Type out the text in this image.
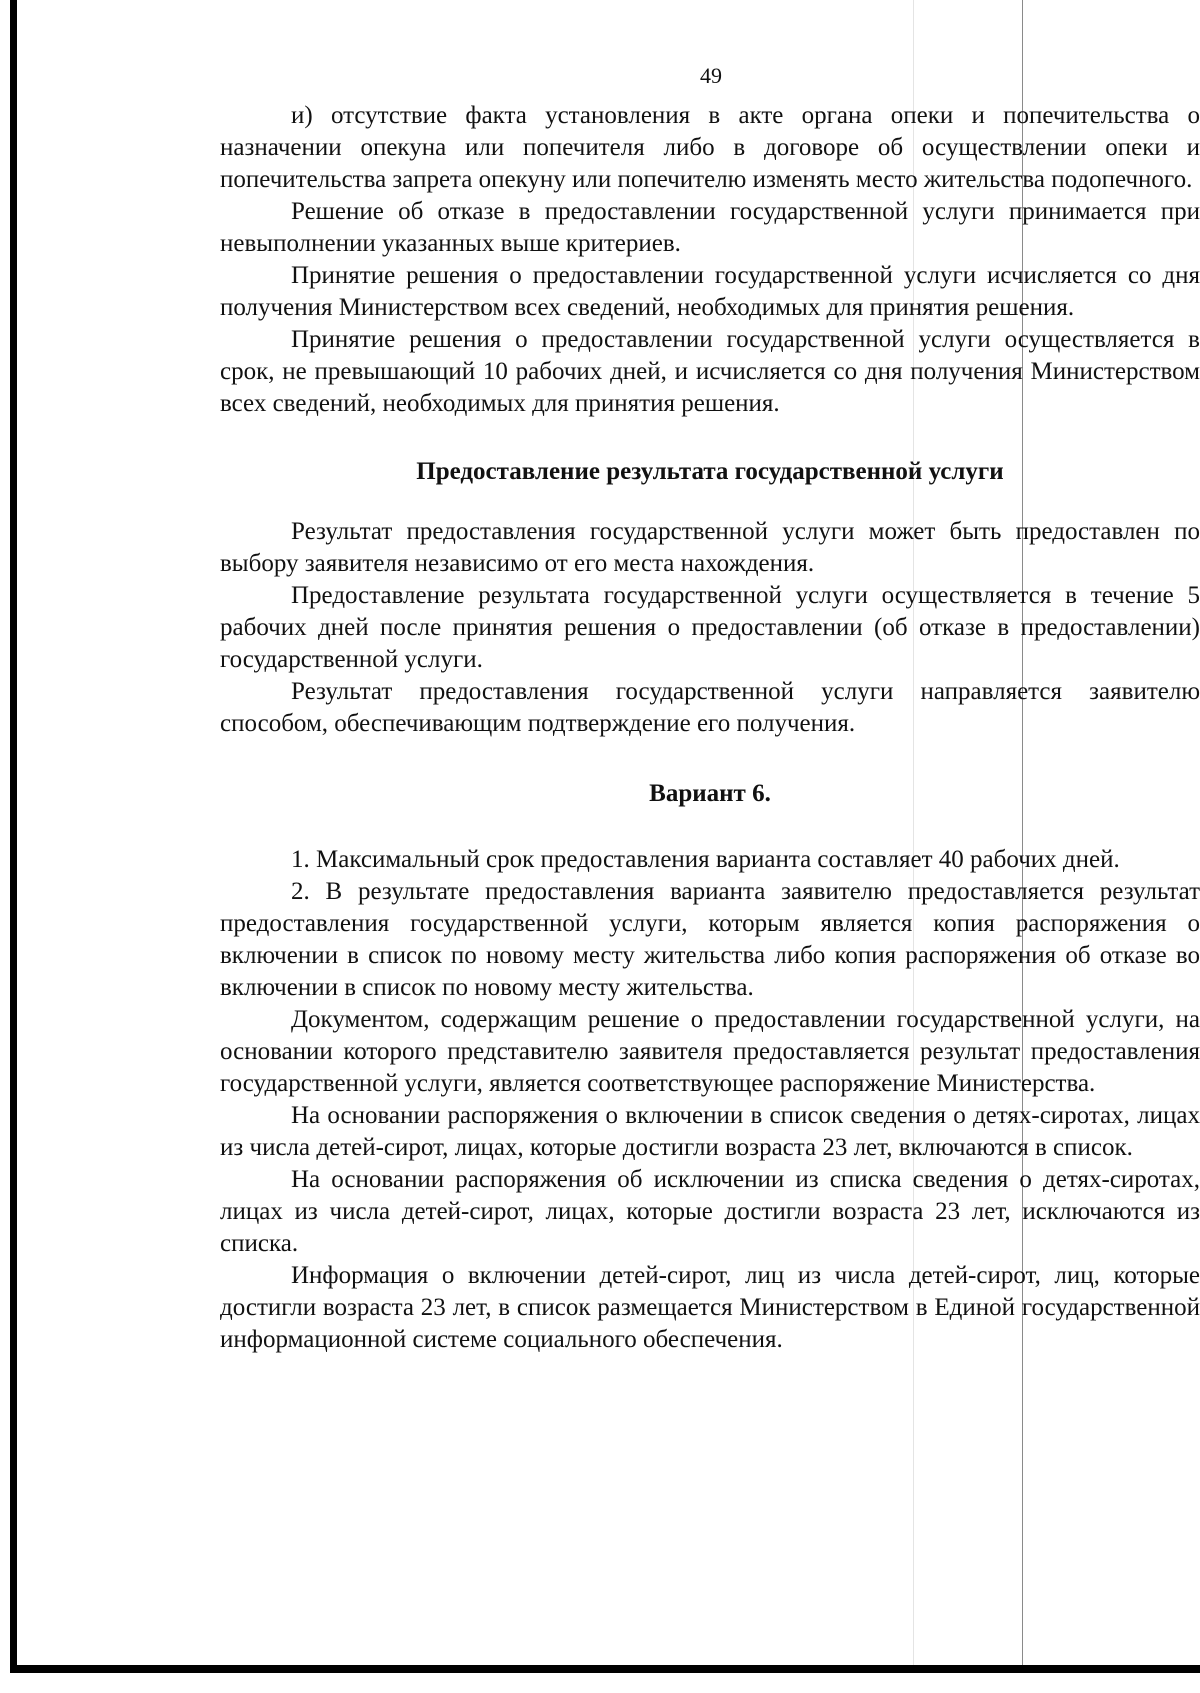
49

и) отсутствие факта установления в акте органа опеки и попечительства о назначении опекуна или попечителя либо в договоре об осуществлении опеки и попечительства запрета опекуну или попечителю изменять место жительства подопечного.

Решение об отказе в предоставлении государственной услуги принимается при невыполнении указанных выше критериев.

Принятие решения о предоставлении государственной услуги исчисляется со дня получения Министерством всех сведений, необходимых для принятия решения.

Принятие решения о предоставлении государственной услуги осуществляется в срок, не превышающий 10 рабочих дней, и исчисляется со дня получения Министерством всех сведений, необходимых для принятия решения.

Предоставление результата государственной услуги

Результат предоставления государственной услуги может быть предоставлен по выбору заявителя независимо от его места нахождения.

Предоставление результата государственной услуги осуществляется в течение 5 рабочих дней после принятия решения о предоставлении (об отказе в предоставлении) государственной услуги.

Результат предоставления государственной услуги направляется заявителю способом, обеспечивающим подтверждение его получения.

Вариант 6.

1. Максимальный срок предоставления варианта составляет 40 рабочих дней.

2. В результате предоставления варианта заявителю предоставляется результат предоставления государственной услуги, которым является копия распоряжения о включении в список по новому месту жительства либо копия распоряжения об отказе во включении в список по новому месту жительства.

Документом, содержащим решение о предоставлении государственной услуги, на основании которого представителю заявителя предоставляется результат предоставления государственной услуги, является соответствующее распоряжение Министерства.

На основании распоряжения о включении в список сведения о детях-сиротах, лицах из числа детей-сирот, лицах, которые достигли возраста 23 лет, включаются в список.

На основании распоряжения об исключении из списка сведения о детях-сиротах, лицах из числа детей-сирот, лицах, которые достигли возраста 23 лет, исключаются из списка.

Информация о включении детей-сирот, лиц из числа детей-сирот, лиц, которые достигли возраста 23 лет, в список размещается Министерством в Единой государственной информационной системе социального обеспечения.
